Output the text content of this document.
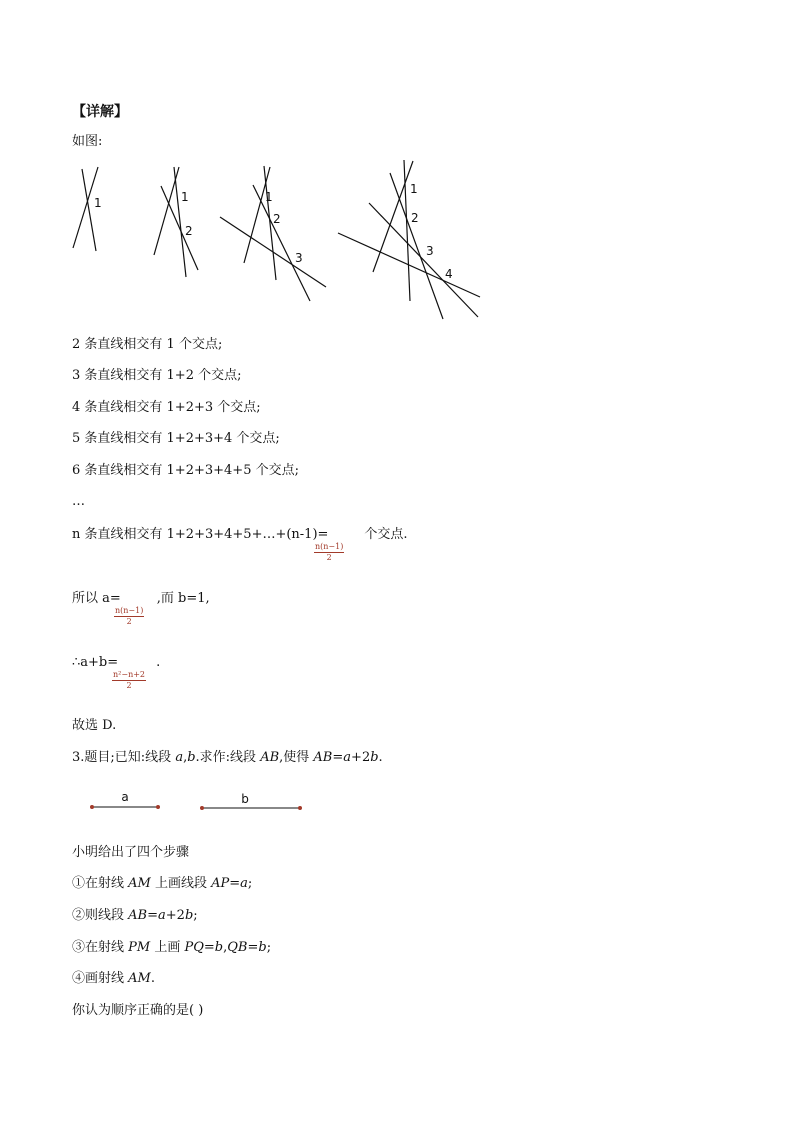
【详解】
如图:
1	1
2
1
2
3
1
2
3
4
2 条直线相交有 1 个交点;
3 条直线相交有 1+2 个交点;
4 条直线相交有 1+2+3 个交点;
5 条直线相交有 1+2+3+4 个交点;
6 条直线相交有 1+2+3+4+5 个交点;
…
n 条直线相交有 1+2+3+4+5+…+(n-1)=	个交点.
$\frac{n(n-1)}{2}$
所以 a=	,而 b=1,
$\frac{n(n-1)}{2}$
∴a+b=	.
$\frac{\text{n²−n+2}}{2}$
故选 D.
3.题目;已知:线段 a,b.求作:线段 AB,使得 AB=a+2b.
a	b
小明给出了四个步骤
①在射线 AM 上画线段 AP=a;
②则线段 AB=a+2b;
③在射线 PM 上画 PQ=b,QB=b;
④画射线 AM.
你认为顺序正确的是( )
